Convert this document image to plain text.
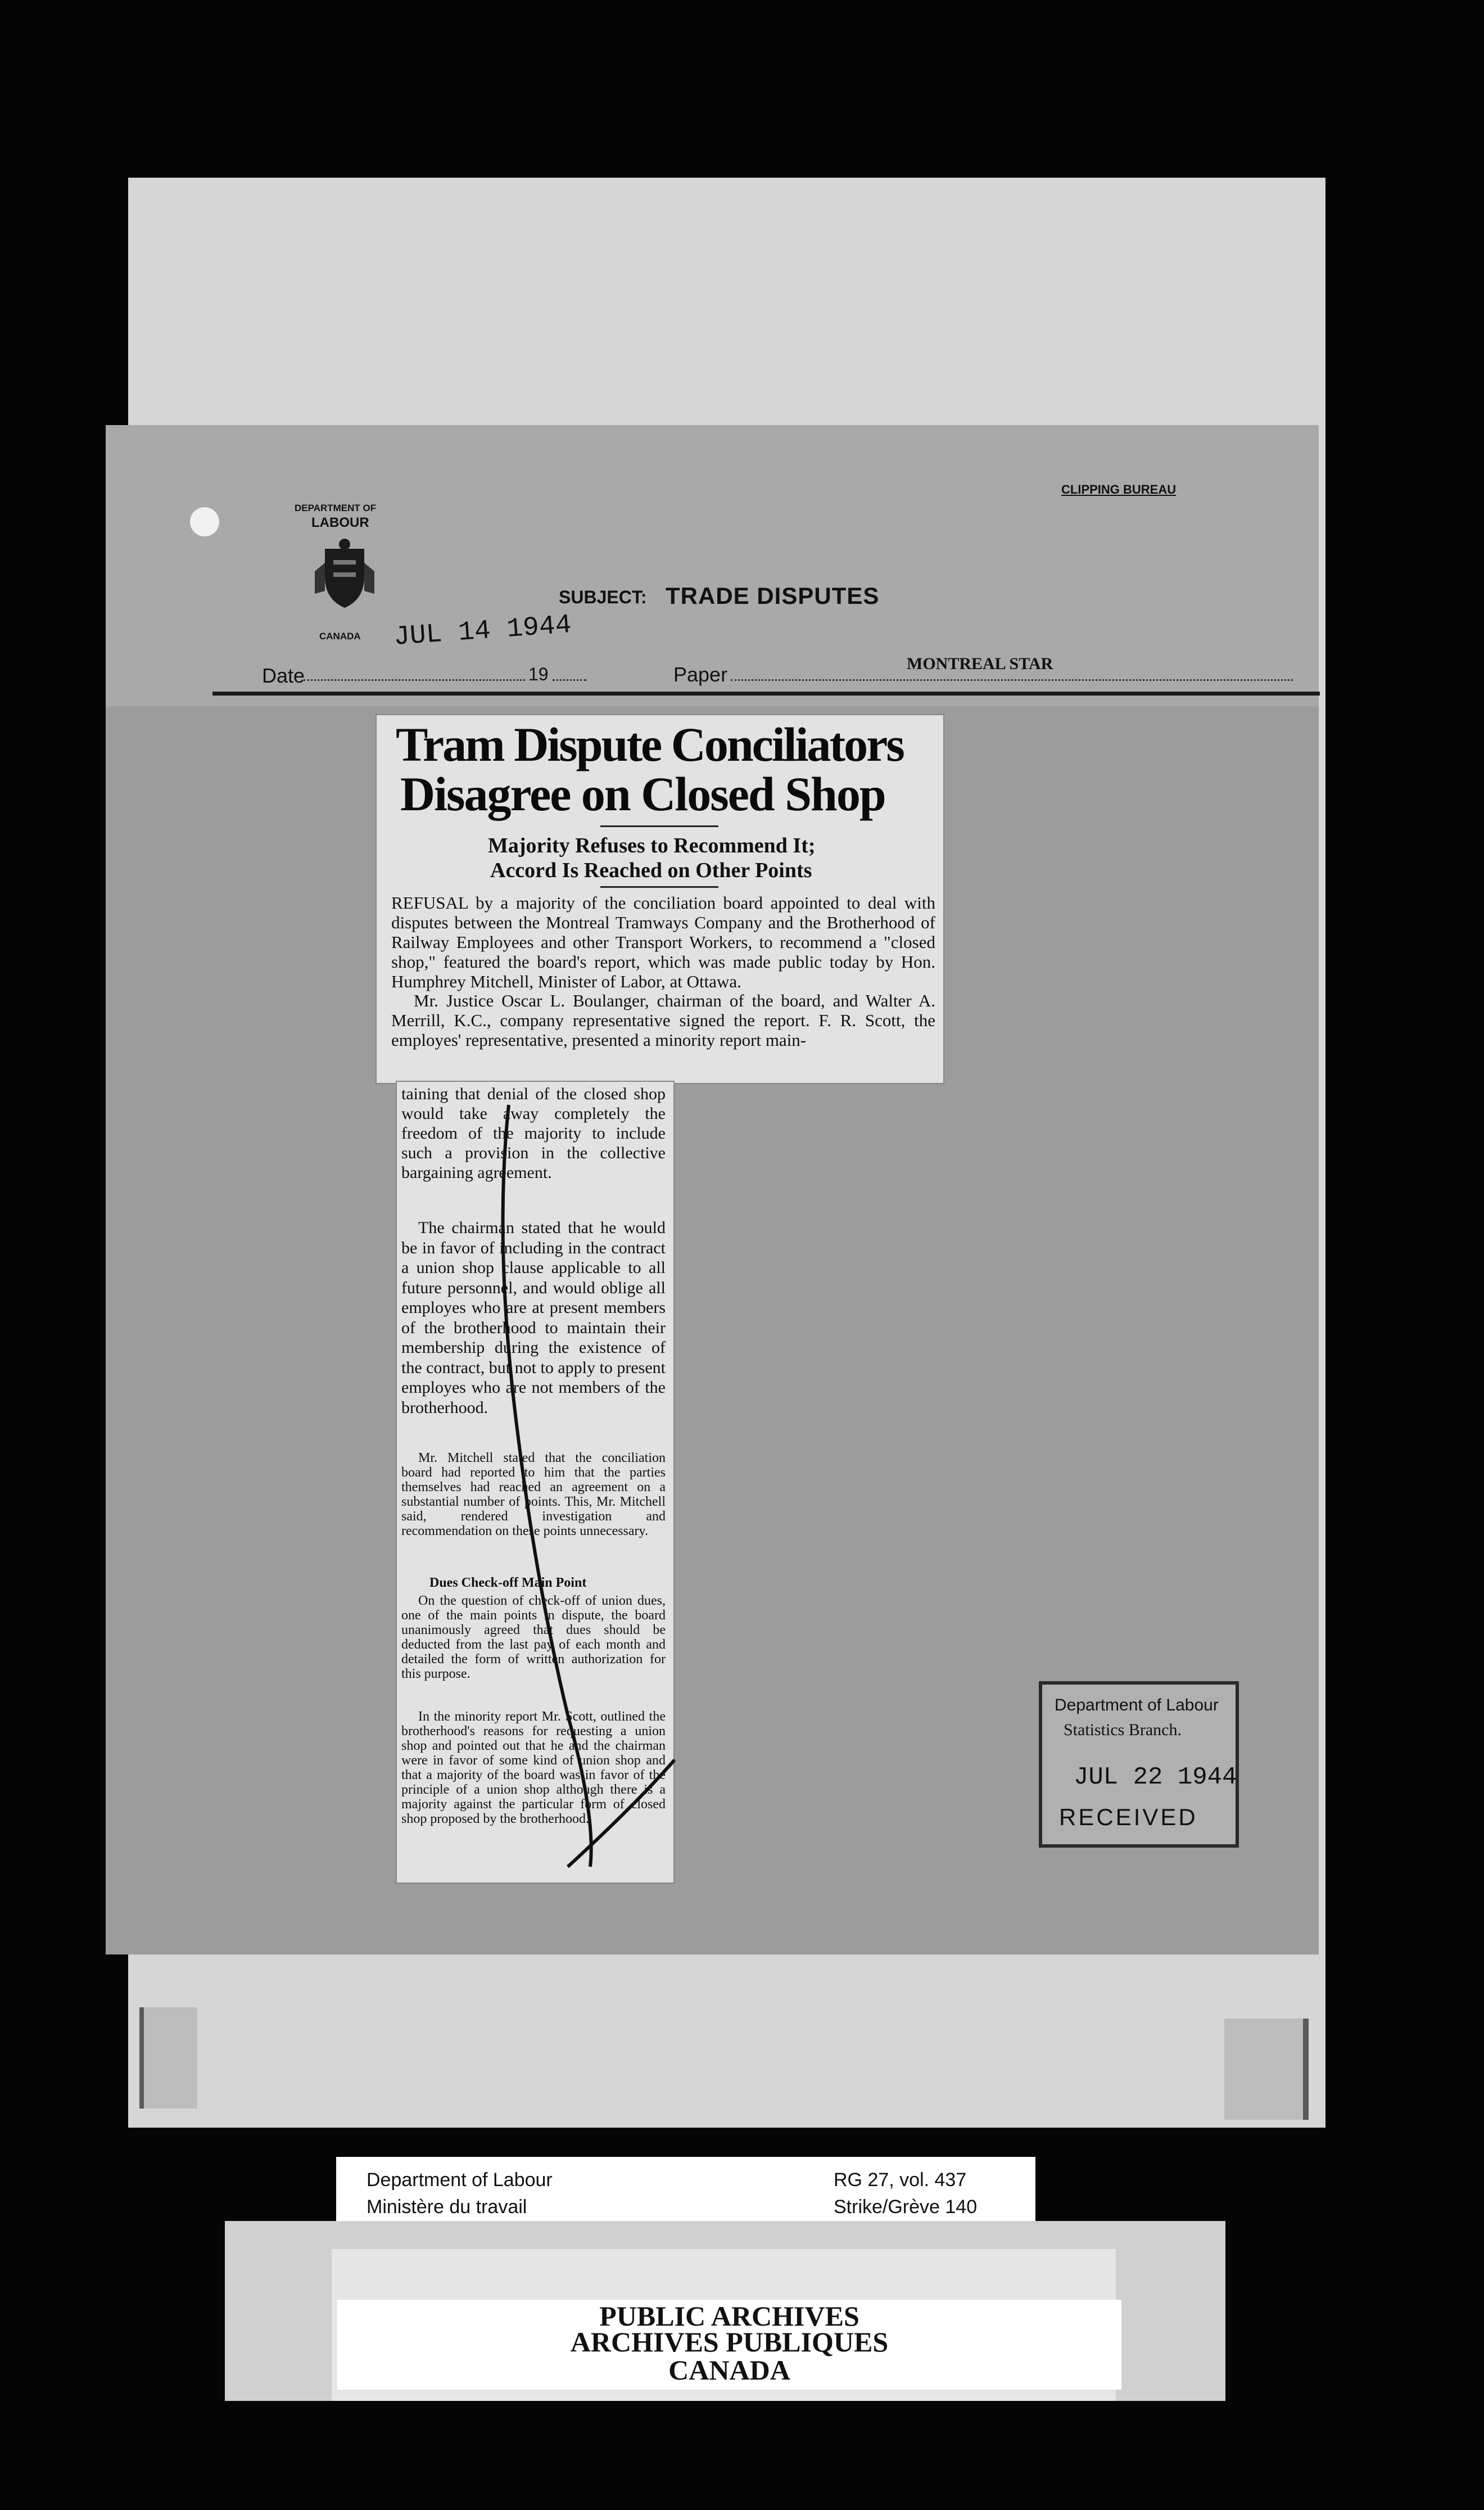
DEPARTMENT OF
LABOUR
CANADA
CLIPPING BUREAU
SUBJECT: TRADE DISPUTES
Date
JUL 14 1944
19	Paper	MONTREAL STAR
Department of Labour
Statistics Branch.
JUL 22 1944
RECEIVED
Tram Dispute Conciliators
Disagree on Closed Shop
Majority Refuses to Recommend It;
Accord Is Reached on Other Points

REFUSAL by a majority of the conciliation board appointed to deal with disputes between the Montreal Tramways Company and the Brotherhood of Railway Employees and other Transport Workers, to recommend a "closed shop," featured the board's report, which was made public today by Hon. Humphrey Mitchell, Minister of Labor, at Ottawa.

Mr. Justice Oscar L. Boulanger, chairman of the board, and Walter A. Merrill, K.C., company representative signed the report. F. R. Scott, the employes' representative, presented a minority report main-

taining that denial of the closed shop would take away completely the freedom of the majority to include such a provision in the collective bargaining agreement.

The chairman stated that he would be in favor of including in the contract a union shop clause applicable to all future personnel, and would oblige all employes who are at present members of the brotherhood to maintain their membership during the existence of the contract, but not to apply to present employes who are not members of the brotherhood.

Mr. Mitchell stated that the conciliation board had reported to him that the parties themselves had reached an agreement on a substantial number of points. This, Mr. Mitchell said, rendered investigation and recommendation on these points unnecessary.

Dues Check-off Main Point

On the question of check-off of union dues, one of the main points in dispute, the board unanimously agreed that dues should be deducted from the last pay of each month and detailed the form of written authorization for this purpose.

In the minority report Mr. Scott, outlined the brotherhood's reasons for requesting a union shop and pointed out that he and the chairman were in favor of some kind of union shop and that a majority of the board was in favor of the principle of a union shop although there is a majority against the particular form of closed shop proposed by the brotherhood.

Department of Labour
Ministère du travail
RG 27, vol. 437
Strike/Grève 140
PUBLIC ARCHIVES
ARCHIVES PUBLIQUES
CANADA
